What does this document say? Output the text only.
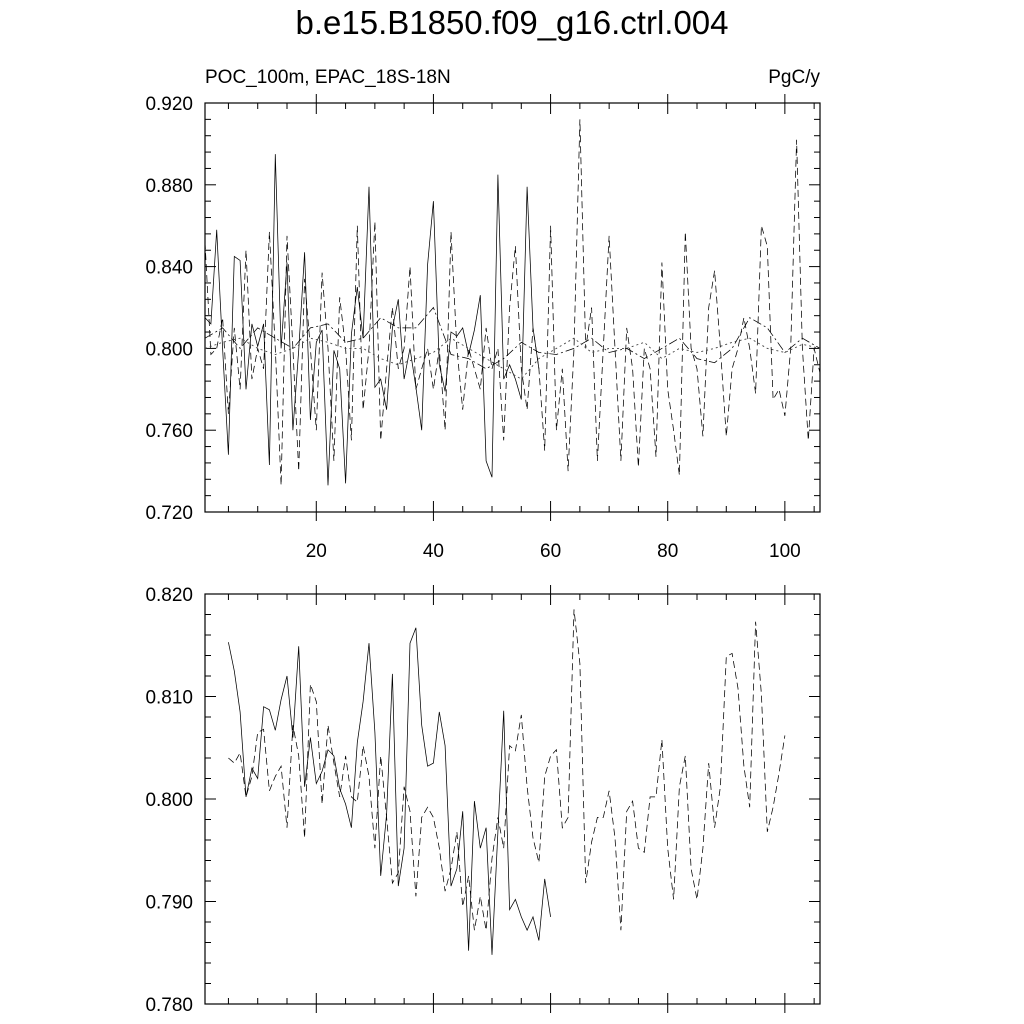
b.e15.B1850.f09_g16.ctrl.004
POC_100m, EPAC_18S-18N	PgC/y
0.720
0.760
0.800
0.840
0.880
0.920
20	40	60	80	100
0.780
0.790
0.800
0.810
0.820
